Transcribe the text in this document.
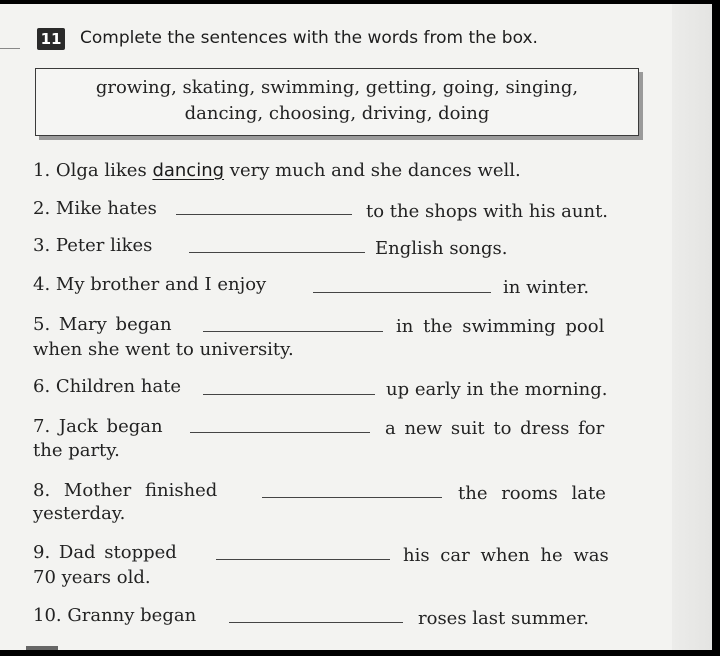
11 Complete the sentences with the words from the box.
growing, skating, swimming, getting, going, singing,
dancing, choosing, driving, doing
1. Olga likes dancing very much and she dances well.
2. Mike hates	to the shops with his aunt.
3. Peter likes	English songs.
4. My brother and I enjoy	in winter.
5. Mary began	in the swimming pool
when she went to university.
6. Children hate	up early in the morning.
7. Jack began	a new suit to dress for
the party.
8. Mother finished	the rooms late
yesterday.
9. Dad stopped	his car when he was
70 years old.
10. Granny began	roses last summer.
